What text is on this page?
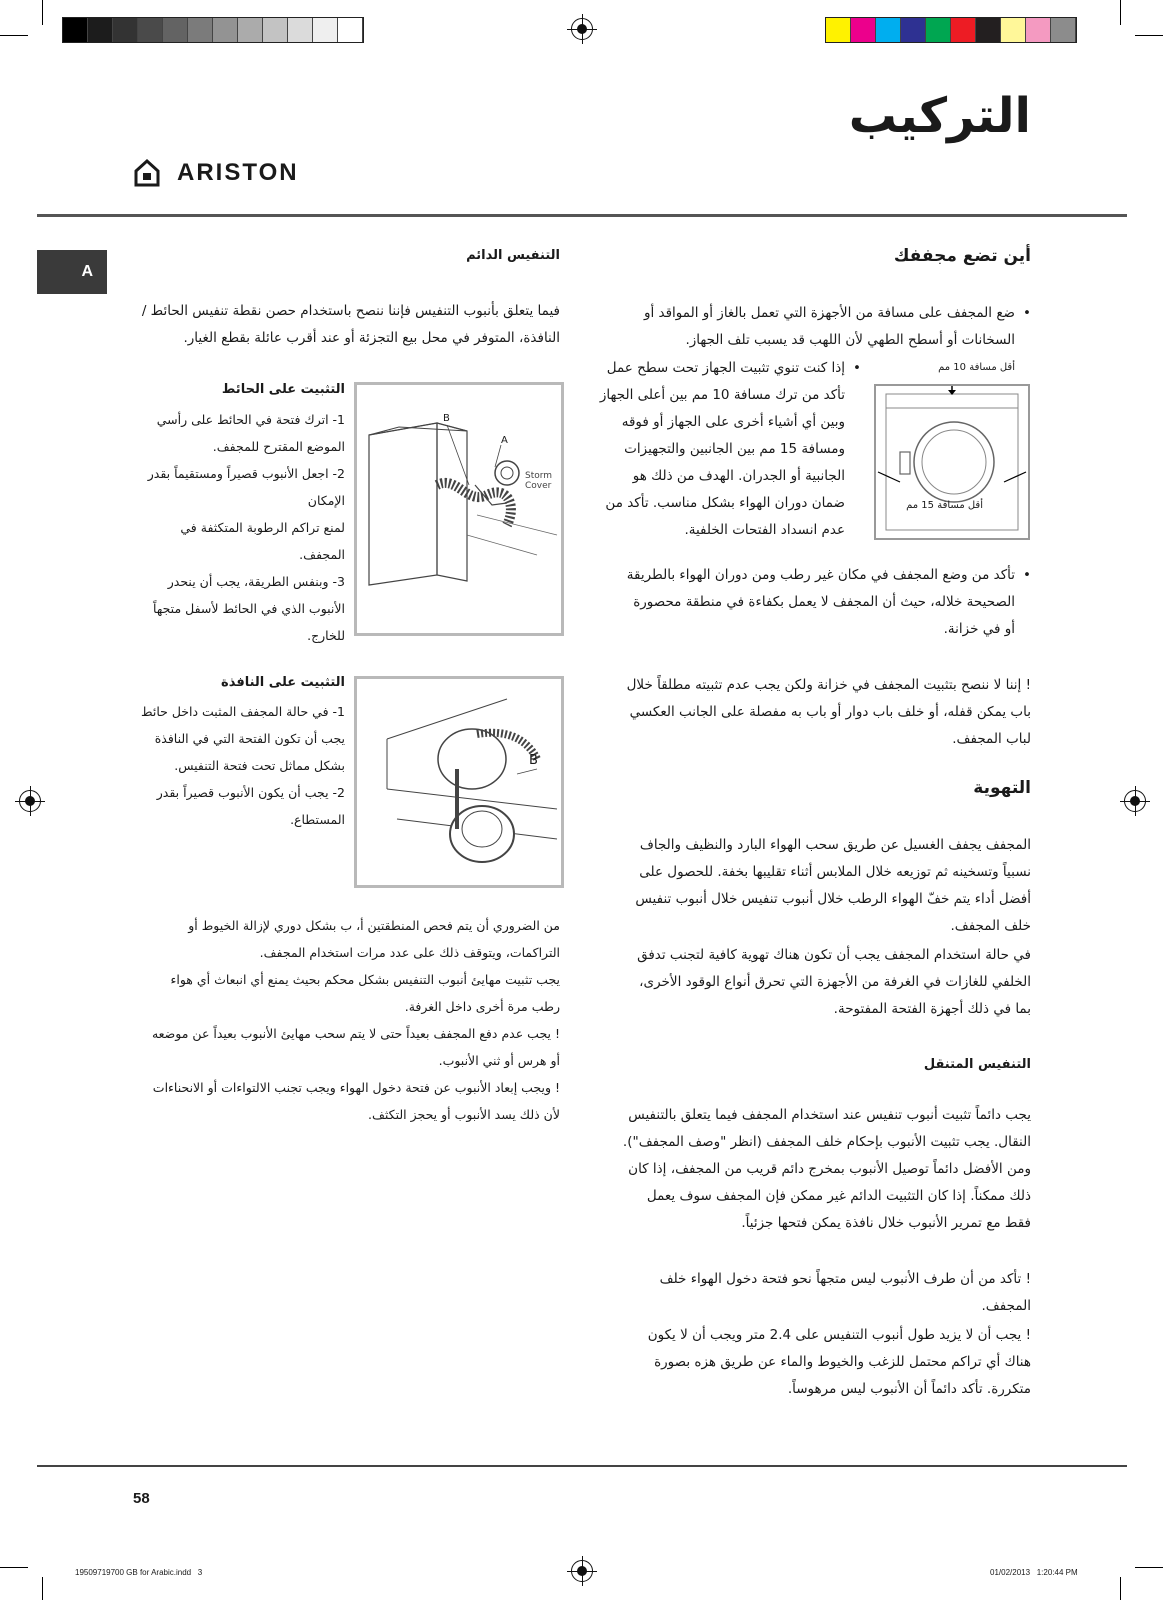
التركيب
ARISTON
A
أين تضع مجففك
• ضع المجفف على مسافة من الأجهزة التي تعمل بالغاز أو المواقد أو السخانات أو أسطح الطهي لأن اللهب قد يسبب تلف الجهاز.
أقل مسافة 10 مم
أقل مسافة 15 مم
•
إذا كنت تنوي تثبيت الجهاز تحت سطح عمل
تأكد من ترك مسافة 10 مم بين أعلى الجهاز
وبين أي أشياء أخرى على الجهاز أو فوقه
ومسافة 15 مم بين الجانبين والتجهيزات
الجانبية أو الجدران. الهدف من ذلك هو
ضمان دوران الهواء بشكل مناسب. تأكد من
عدم انسداد الفتحات الخلفية.
• تأكد من وضع المجفف في مكان غير رطب ومن دوران الهواء بالطريقة الصحيحة خلاله، حيث أن المجفف لا يعمل بكفاءة في منطقة محصورة أو في خزانة.
! إننا لا ننصح بتثبيت المجفف في خزانة ولكن يجب عدم تثبيته مطلقاً خلال باب يمكن قفله، أو خلف باب دوار أو باب به مفصلة على الجانب العكسي لباب المجفف.
التهوية
المجفف يجفف الغسيل عن طريق سحب الهواء البارد والنظيف والجاف نسبياً وتسخينه ثم توزيعه خلال الملابس أثناء تقليبها بخفة. للحصول على أفضل أداء يتم خفّ الهواء الرطب خلال أنبوب تنفيس خلال أنبوب تنفيس خلف المجفف.
في حالة استخدام المجفف يجب أن تكون هناك تهوية كافية لتجنب تدفق الخلفي للغازات في الغرفة من الأجهزة التي تحرق أنواع الوقود الأخرى، بما في ذلك أجهزة الفتحة المفتوحة.
التنفيس المتنقل
يجب دائماً تثبيت أنبوب تنفيس عند استخدام المجفف فيما يتعلق بالتنفيس النقال. يجب تثبيت الأنبوب بإحكام خلف المجفف (انظر "وصف المجفف"). ومن الأفضل دائماً توصيل الأنبوب بمخرج دائم قريب من المجفف، إذا كان ذلك ممكناً. إذا كان التثبيت الدائم غير ممكن فإن المجفف سوف يعمل فقط مع تمرير الأنبوب خلال نافذة يمكن فتحها جزئياً.
! تأكد من أن طرف الأنبوب ليس متجهاً نحو فتحة دخول الهواء خلف المجفف.
! يجب أن لا يزيد طول أنبوب التنفيس على 2.4 متر ويجب أن لا يكون هناك أي تراكم محتمل للزغب والخيوط والماء عن طريق هزه بصورة متكررة. تأكد دائماً أن الأنبوب ليس مرهوساً.
التنفيس الدائم
فيما يتعلق بأنبوب التنفيس فإننا ننصح باستخدام حصن نقطة تنفيس الحائط / النافذة، المتوفر في محل بيع التجزئة أو عند أقرب عائلة بقطع الغيار.
B
A
Storm
Cover
التثبيت على الحائط
1- اترك فتحة في الحائط على رأسي الموضع المقترح للمجفف.
2- اجعل الأنبوب قصيراً ومستقيماً بقدر الإمكان
لمنع تراكم الرطوبة المتكثفة في المجفف.
3- وبنفس الطريقة، يجب أن ينحدر الأنبوب الذي في الحائط لأسفل متجهاً للخارج.
B
التثبيت على النافذة
1- في حالة المجفف المثبت داخل حائط يجب أن تكون الفتحة التي في النافذة بشكل مماثل تحت فتحة التنفيس.
2- يجب أن يكون الأنبوب قصيراً بقدر المستطاع.
من الضروري أن يتم فحص المنطقتين أ، ب بشكل دوري لإزالة الخيوط أو التراكمات، ويتوقف ذلك على عدد مرات استخدام المجفف.
يجب تثبيت مهايئ أنبوب التنفيس بشكل محكم بحيث يمنع أي انبعاث أي هواء رطب مرة أخرى داخل الغرفة.
! يجب عدم دفع المجفف بعيداً حتى لا يتم سحب مهايئ الأنبوب بعيداً عن موضعه أو هرس أو ثني الأنبوب.
! ويجب إبعاد الأنبوب عن فتحة دخول الهواء ويجب تجنب الالتواءات أو الانحناءات لأن ذلك يسد الأنبوب أو يحجز التكثف.
58
19509719700 GB for Arabic.indd   3	01/02/2013   1:20:44 PM
